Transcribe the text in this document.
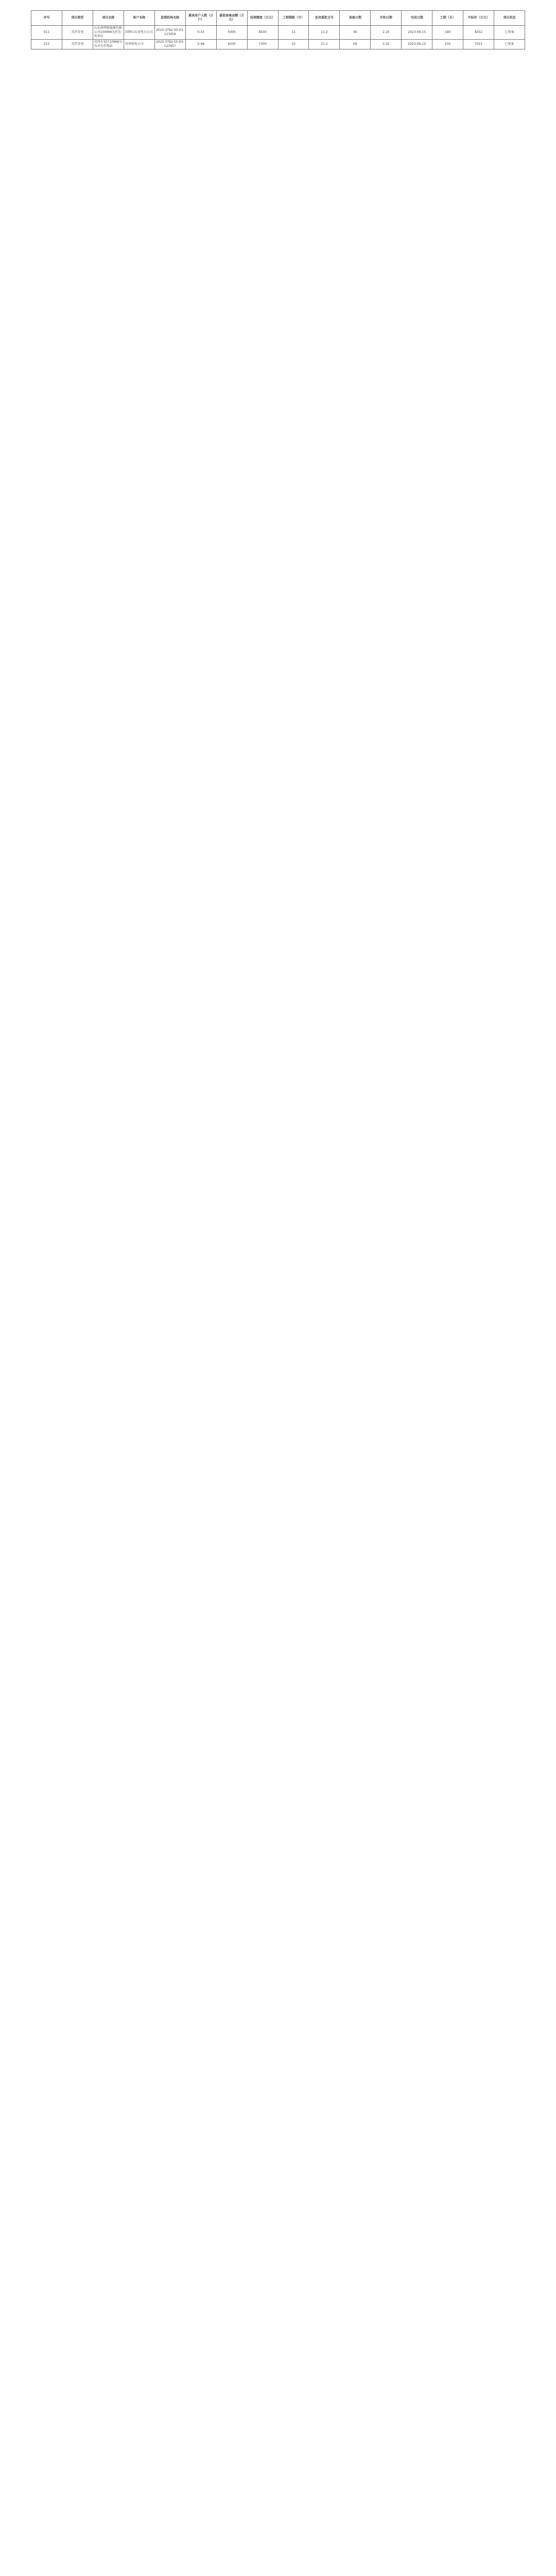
序号	项目类型	项目名称	客户名称	监督机构名称	最高用户人数（万户）	最低备案金额（万元）	投资额度（万元）	工程期限（月）	发改委批文号	备案日期	开始日期	完成日期	工期（天）	中标价（万元）	项目状态
011	光伏发电	山东润华新能源有限公司100MW光伏发电项目	国网山东省电力公司	2023-3792-55-03-123456	0.53	5000	8500	12	11.2	06	2.20	2023-09-15	180	8352	已备案
012	光伏发电	菏泽市某区20MW分布式光伏电站	菏泽供电公司	2023-3793-55-03-123457	0.48	4200	7300	10	11.2	06	2.20	2023-09-15	150	7012	已备案
